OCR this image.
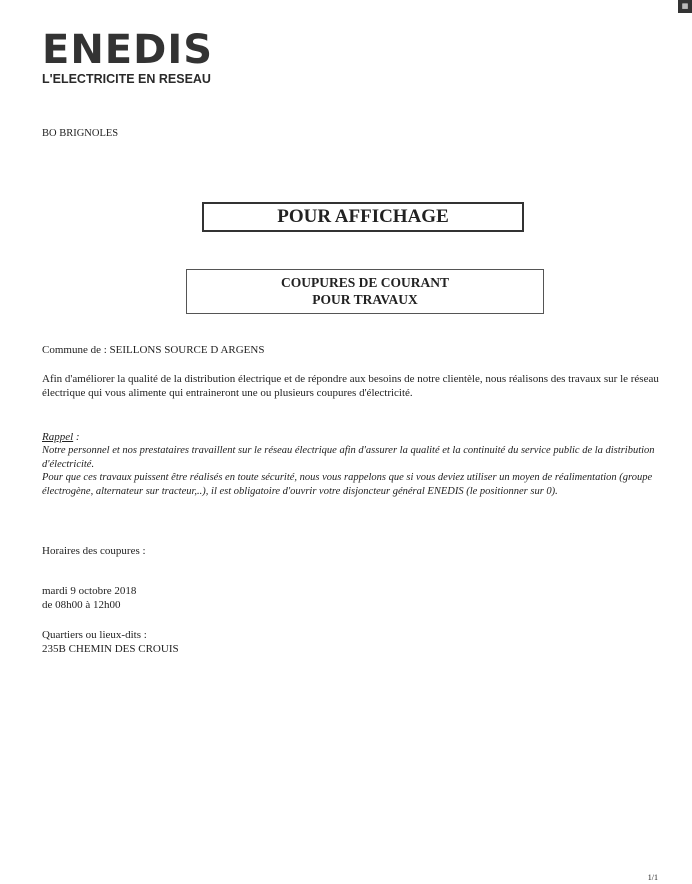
▦
ENEDIS
L'ELECTRICITE EN RESEAU
BO BRIGNOLES
POUR AFFICHAGE
COUPURES DE COURANT
POUR TRAVAUX
Commune de : SEILLONS SOURCE D ARGENS
Afin d'améliorer la qualité de la distribution électrique et de répondre aux besoins de notre clientèle, nous réalisons des travaux sur le réseau électrique qui vous alimente qui entraineront une ou plusieurs coupures d'électricité.
Rappel :

Notre personnel et nos prestataires travaillent sur le réseau électrique afin d'assurer la qualité et la continuité du service public de la distribution d'électricité.

Pour que ces travaux puissent être réalisés en toute sécurité, nous vous rappelons que si vous deviez utiliser un moyen de réalimentation (groupe électrogène, alternateur sur tracteur,..), il est obligatoire d'ouvrir votre disjoncteur général ENEDIS (le positionner sur 0).

Horaires des coupures :
mardi 9 octobre 2018
de 08h00 à 12h00
Quartiers ou lieux-dits :
235B CHEMIN DES CROUIS
1/1
